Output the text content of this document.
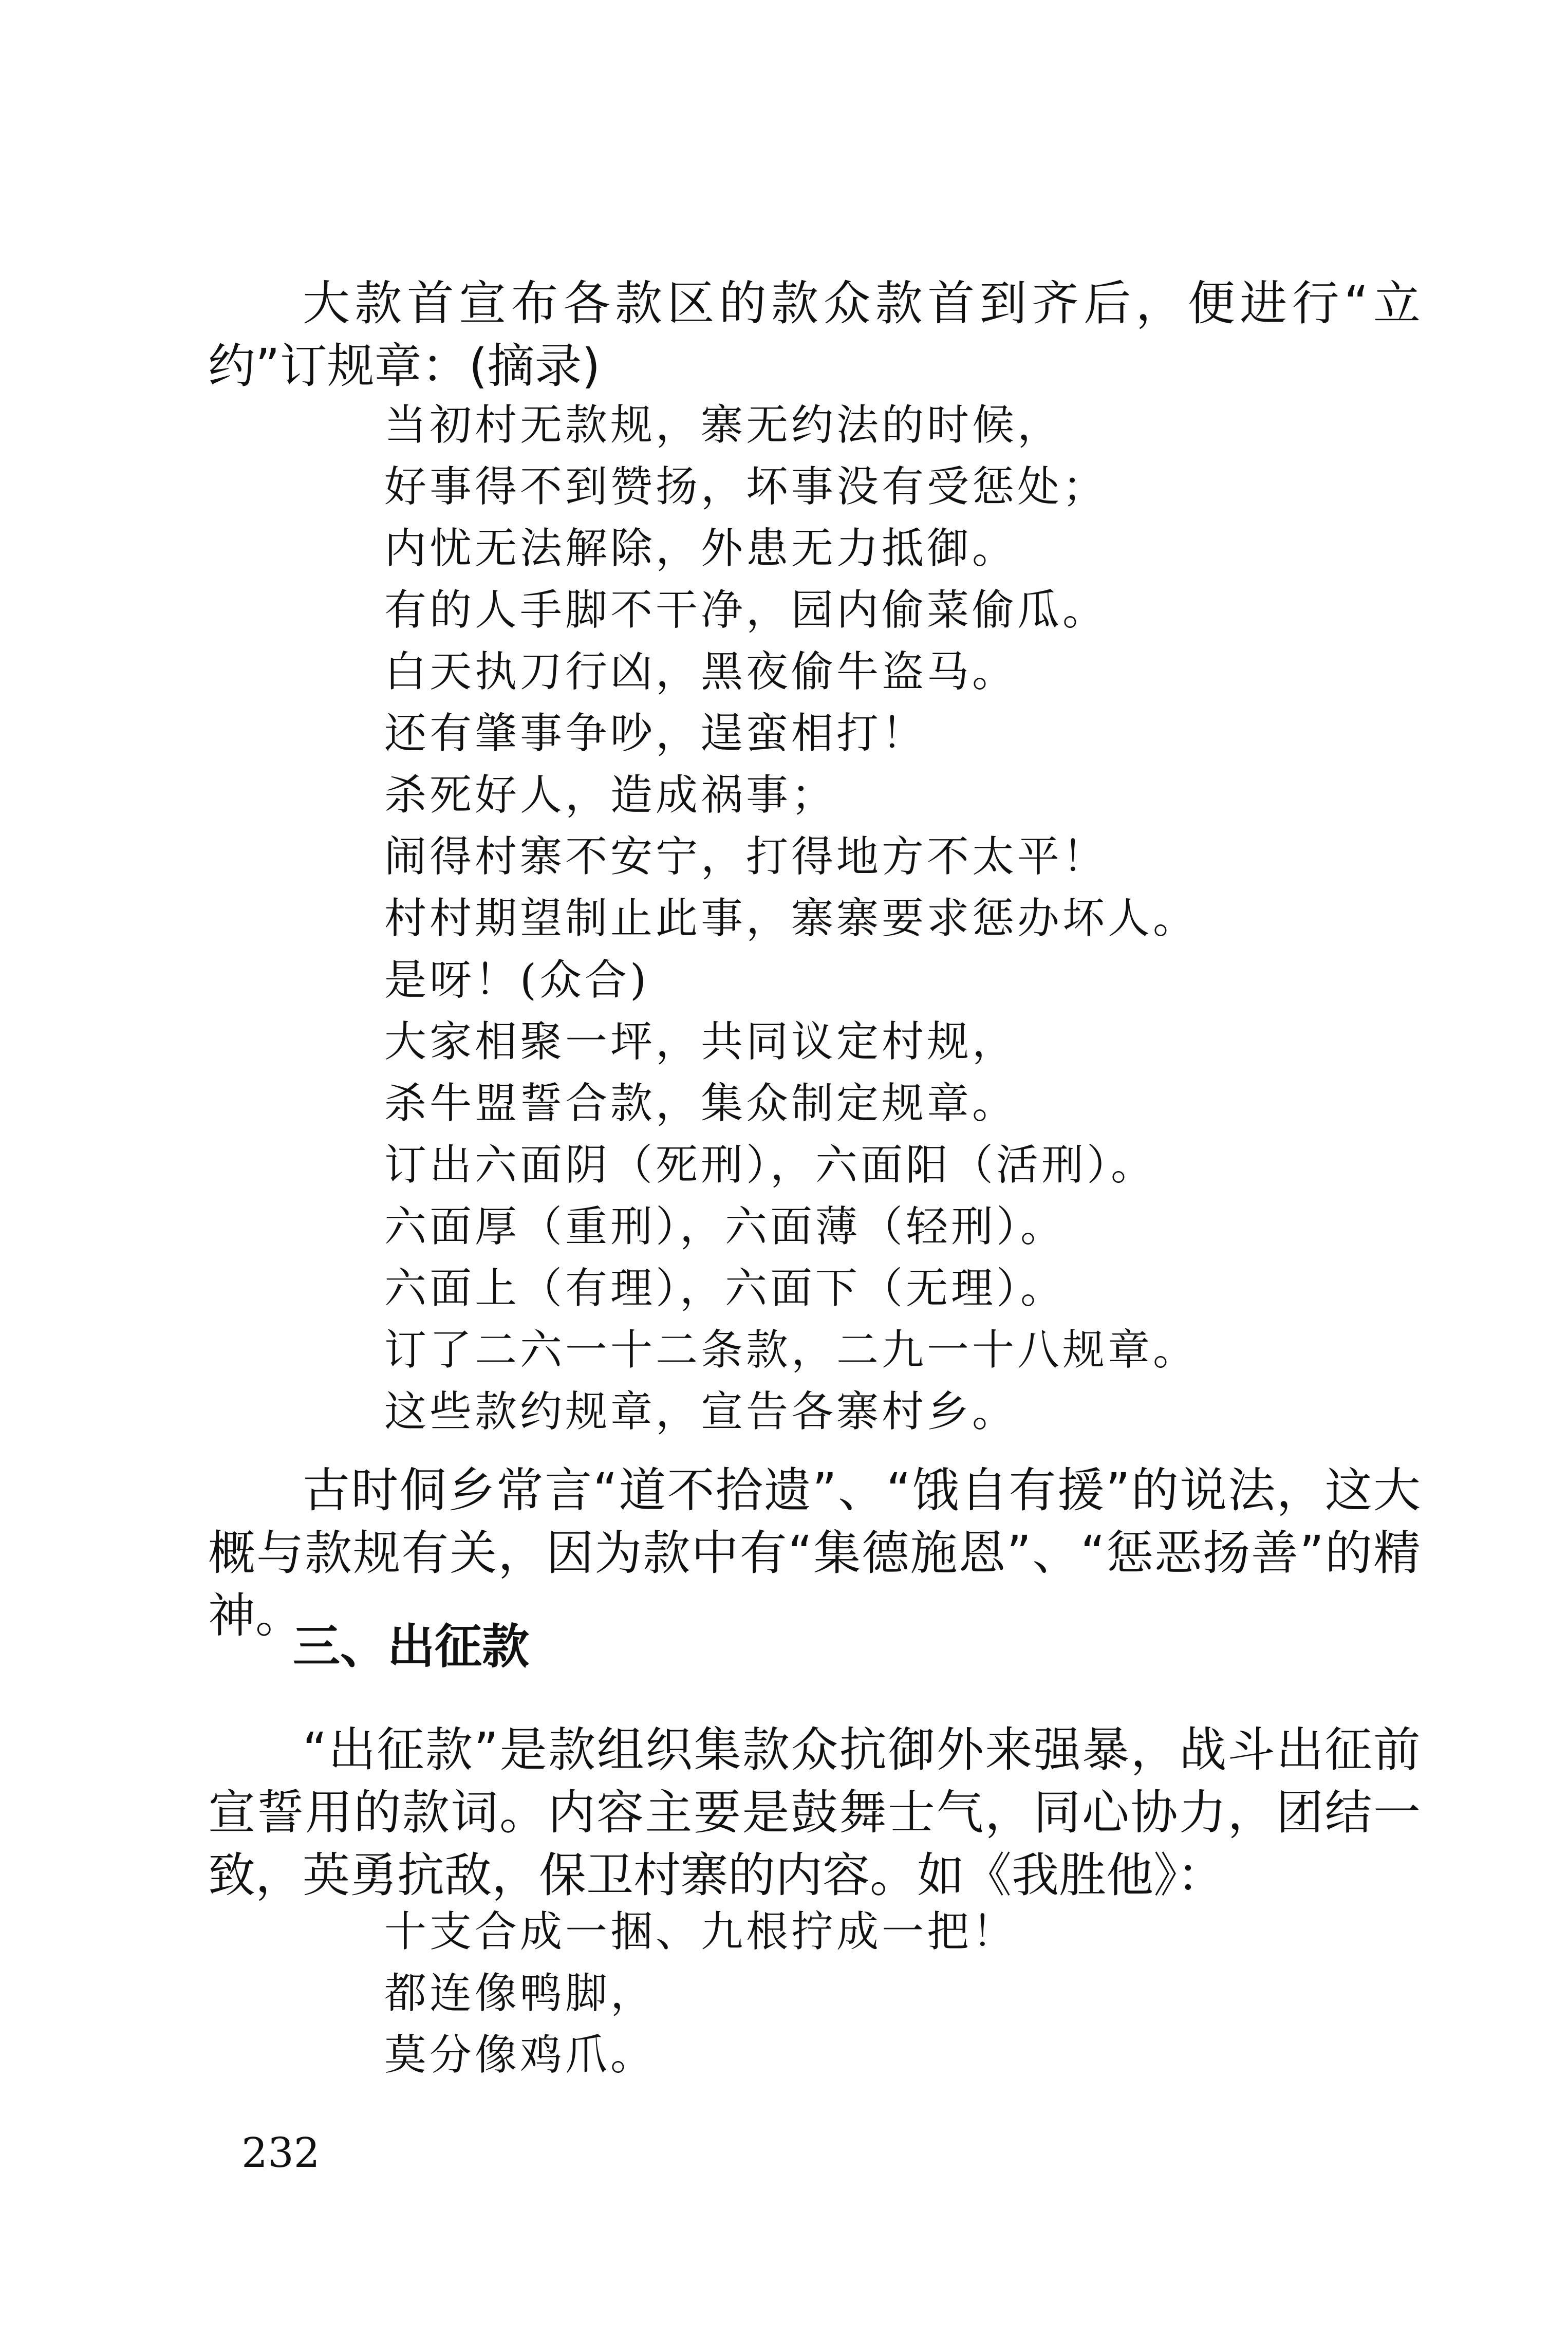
大款首宣布各款区的款众款首到齐后，便进行“立约”订规章：(摘录)

当初村无款规，寨无约法的时候，
好事得不到赞扬，坏事没有受惩处；
内忧无法解除，外患无力抵御。
有的人手脚不干净，园内偷菜偷瓜。
白天执刀行凶，黑夜偷牛盗马。
还有肇事争吵，逞蛮相打！
杀死好人，造成祸事；
闹得村寨不安宁，打得地方不太平！
村村期望制止此事，寨寨要求惩办坏人。
是呀！(众合)
大家相聚一坪，共同议定村规，
杀牛盟誓合款，集众制定规章。
订出六面阴（死刑），六面阳（活刑）。
六面厚（重刑），六面薄（轻刑）。
六面上（有理），六面下（无理）。
订了二六一十二条款，二九一十八规章。
这些款约规章，宣告各寨村乡。

古时侗乡常言“道不拾遗”、“饿自有援”的说法，这大概与款规有关，因为款中有“集德施恩”、“惩恶扬善”的精神。

三、出征款

“出征款”是款组织集款众抗御外来强暴，战斗出征前宣誓用的款词。内容主要是鼓舞士气，同心协力，团结一致，英勇抗敌，保卫村寨的内容。如《我胜他》：

十支合成一捆、九根拧成一把！
都连像鸭脚，
莫分像鸡爪。
232
